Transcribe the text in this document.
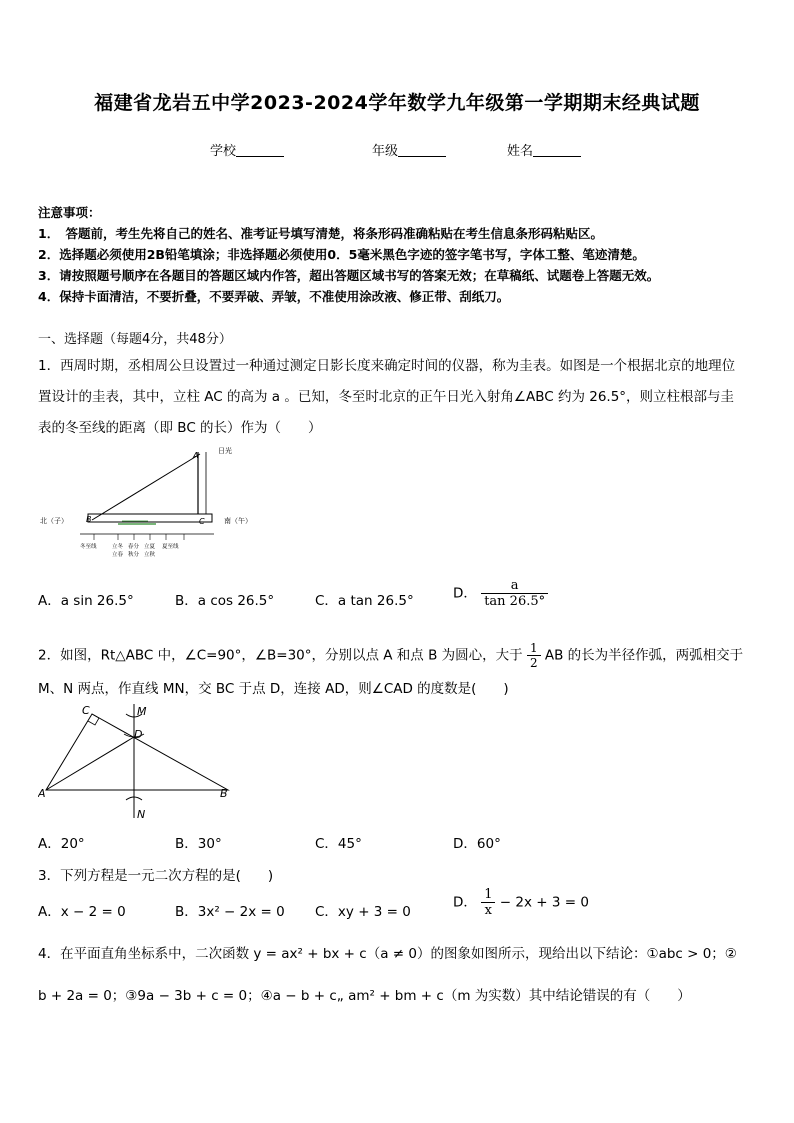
福建省龙岩五中学2023-2024学年数学九年级第一学期期末经典试题
学校	年级	姓名
注意事项：
1．　答题前，考生先将自己的姓名、准考证号填写清楚，将条形码准确粘贴在考生信息条形码粘贴区。
2．选择题必须使用2B铅笔填涂；非选择题必须使用0．5毫米黑色字迹的签字笔书写，字体工整、笔迹清楚。
3．请按照题号顺序在各题目的答题区域内作答，超出答题区域书写的答案无效；在草稿纸、试题卷上答题无效。
4．保持卡面清洁，不要折叠，不要弄破、弄皱，不准使用涂改液、修正带、刮纸刀。
一、选择题（每题4分，共48分）
1．西周时期，丞相周公旦设置过一种通过测定日影长度来确定时间的仪器，称为圭表。如图是一个根据北京的地理位
置设计的圭表，其中，立柱 AC 的高为 a 。已知，冬至时北京的正午日光入射角∠ABC 约为 26.5°，则立柱根部与圭
表的冬至线的距离（即 BC 的长）作为（　　）
A
B	C
日光
北（子）	南（午）
冬至线	立冬
立春
春分
秋分
立夏
立秋
夏至线
A．a sin 26.5°	B．a cos 26.5°	C．a tan 26.5°	D． $\frac{a}{\tan 26.5^\circ}$
2．如图，Rt△ABC 中，∠C=90°，∠B=30°，分别以点 A 和点 B 为圆心，大于 $\frac{1}{2}$ AB 的长为半径作弧，两弧相交于
M、N 两点，作直线 MN，交 BC 于点 D，连接 AD，则∠CAD 的度数是(　　)
C	M
D
A	B
N
A．20°	B．30°	C．45°	D．60°
3．下列方程是一元二次方程的是(　　)
A．x − 2 = 0	B．3x² − 2x = 0 C．xy + 3 = 0
D． $\frac{1}{x} - 2x + 3 = 0$
4．在平面直角坐标系中，二次函数 y = ax² + bx + c（a ≠ 0）的图象如图所示，现给出以下结论：①abc > 0；②
b + 2a = 0；③9a − 3b + c = 0；④a − b + c„ am² + bm + c（m 为实数）其中结论错误的有（　　）
